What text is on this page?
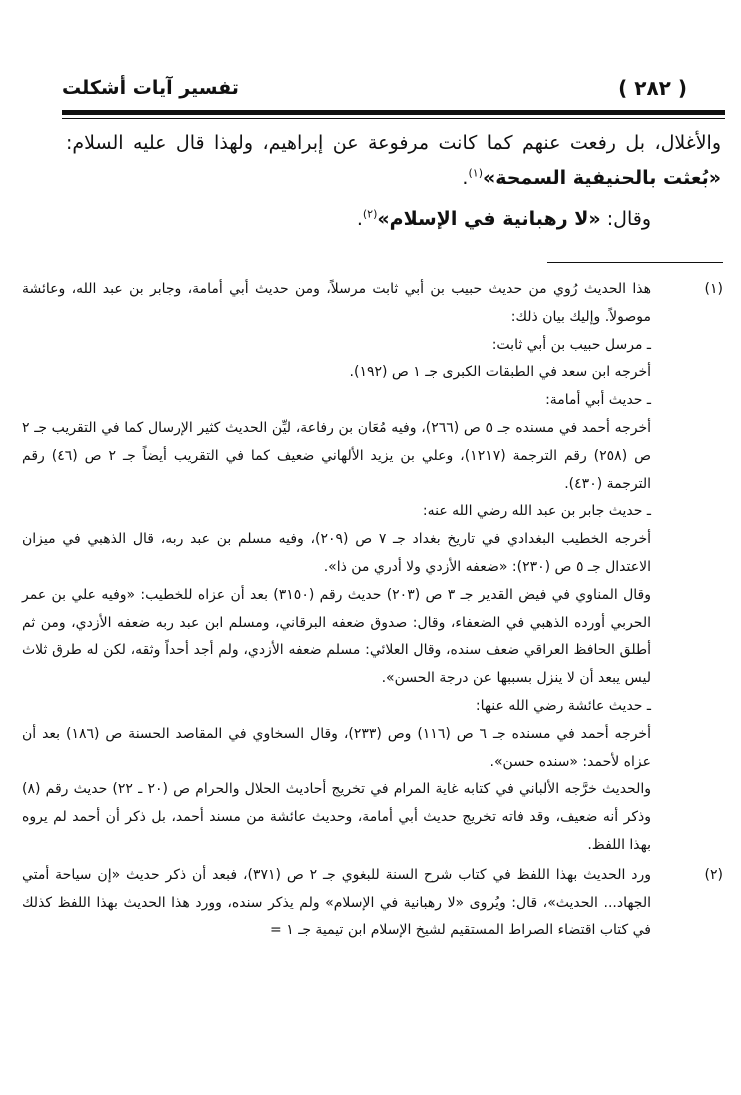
تفسير آيات أشكلت	( ٢٨٢ )

والأغلال، بل رفعت عنهم كما كانت مرفوعة عن إبراهيم، ولهذا قال عليه السلام: «بُعثت بالحنيفية السمحة»$^{(١)}$.

وقال: «لا رهبانية في الإسلام»$^{(٢)}$.

(١)

هذا الحديث رُوي من حديث حبيب بن أبي ثابت مرسلاً، ومن حديث أبي أمامة، وجابر بن عبد الله، وعائشة موصولاً. وإليك بيان ذلك:

ـ مرسل حبيب بن أبي ثابت:

أخرجه ابن سعد في الطبقات الكبرى جـ ١ ص (١٩٢).

ـ حديث أبي أمامة:

أخرجه أحمد في مسنده جـ ٥ ص (٢٦٦)، وفيه مُعَان بن رفاعة، ليِّن الحديث كثير الإرسال كما في التقريب جـ ٢ ص (٢٥٨) رقم الترجمة (١٢١٧)، وعلي بن يزيد الألهاني ضعيف كما في التقريب أيضاً جـ ٢ ص (٤٦) رقم الترجمة (٤٣٠).

ـ حديث جابر بن عبد الله رضي الله عنه:

أخرجه الخطيب البغدادي في تاريخ بغداد جـ ٧ ص (٢٠٩)، وفيه مسلم بن عبد ربه، قال الذهبي في ميزان الاعتدال جـ ٥ ص (٢٣٠): «ضعفه الأزدي ولا أدري من ذا».

وقال المناوي في فيض القدير جـ ٣ ص (٢٠٣) حديث رقم (٣١٥٠) بعد أن عزاه للخطيب: «وفيه علي بن عمر الحربي أورده الذهبي في الضعفاء، وقال: صدوق ضعفه البرقاني، ومسلم ابن عبد ربه ضعفه الأزدي، ومن ثم أطلق الحافظ العراقي ضعف سنده، وقال العلائي: مسلم ضعفه الأزدي، ولم أجد أحداً وثقه، لكن له طرق ثلاث ليس يبعد أن لا ينزل بسببها عن درجة الحسن».

ـ حديث عائشة رضي الله عنها:

أخرجه أحمد في مسنده جـ ٦ ص (١١٦) وص (٢٣٣)، وقال السخاوي في المقاصد الحسنة ص (١٨٦) بعد أن عزاه لأحمد: «سنده حسن».

والحديث خرَّجه الألباني في كتابه غاية المرام في تخريج أحاديث الحلال والحرام ص (٢٠ ـ ٢٢) حديث رقم (٨) وذكر أنه ضعيف، وقد فاته تخريج حديث أبي أمامة، وحديث عائشة من مسند أحمد، بل ذكر أن أحمد لم يروه بهذا اللفظ.

(٢)

ورد الحديث بهذا اللفظ في كتاب شرح السنة للبغوي جـ ٢ ص (٣٧١)، فبعد أن ذكر حديث «إن سياحة أمتي الجهاد... الحديث»، قال: ويُروى «لا رهبانية في الإسلام» ولم يذكر سنده، وورد هذا الحديث بهذا اللفظ كذلك في كتاب اقتضاء الصراط المستقيم لشيخ الإسلام ابن تيمية جـ ١ =
